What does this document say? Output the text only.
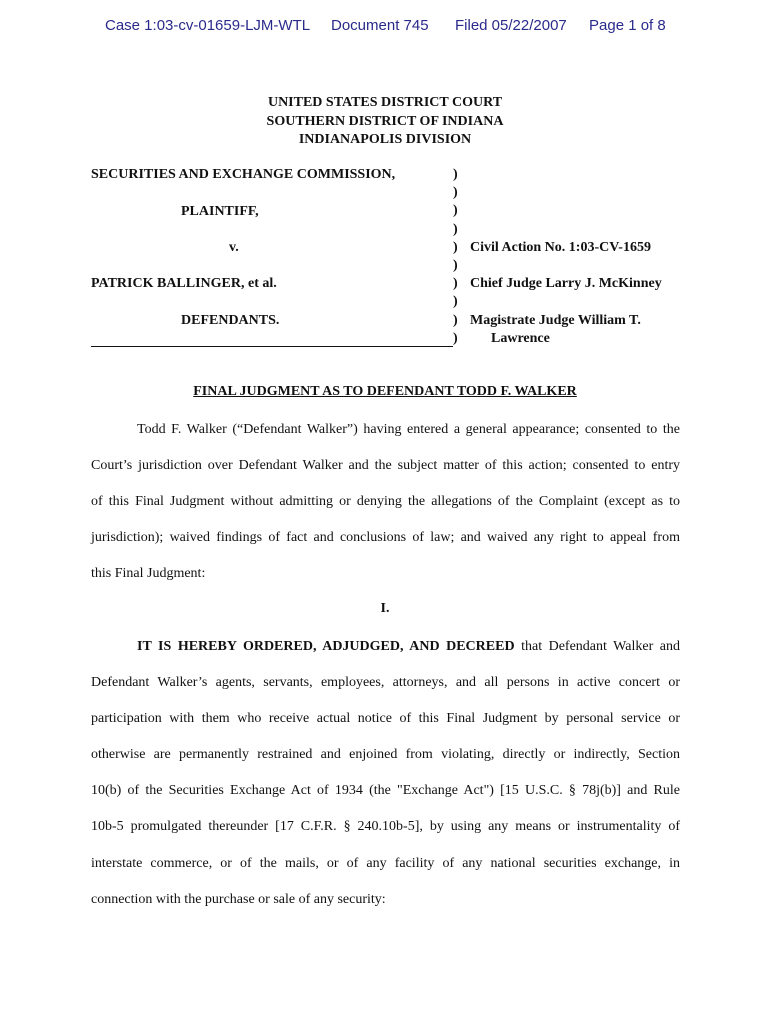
Case 1:03-cv-01659-LJM-WTL Document 745 Filed 05/22/2007 Page 1 of 8
UNITED STATES DISTRICT COURT
SOUTHERN DISTRICT OF INDIANA
INDIANAPOLIS DIVISION
SECURITIES AND EXCHANGE COMMISSION,
PLAINTIFF,
v.
PATRICK BALLINGER, et al.
DEFENDANTS.
)
)
)
)
)
)
)
)
)
)
Civil Action No. 1:03-CV-1659
Chief Judge Larry J. McKinney
Magistrate Judge William T.
Lawrence
FINAL JUDGMENT AS TO DEFENDANT TODD F. WALKER
Todd F. Walker (“Defendant Walker”) having entered a general appearance; consented to the
Court’s jurisdiction over Defendant Walker and the subject matter of this action; consented to entry
of this Final Judgment without admitting or denying the allegations of the Complaint (except as to
jurisdiction); waived findings of fact and conclusions of law; and waived any right to appeal from
this Final Judgment:
I.
IT IS HEREBY ORDERED, ADJUDGED, AND DECREED that Defendant Walker and
Defendant Walker’s agents, servants, employees, attorneys, and all persons in active concert or
participation with them who receive actual notice of this Final Judgment by personal service or
otherwise are permanently restrained and enjoined from violating, directly or indirectly, Section
10(b) of the Securities Exchange Act of 1934 (the "Exchange Act") [15 U.S.C. § 78j(b)] and Rule
10b-5 promulgated thereunder [17 C.F.R. § 240.10b-5], by using any means or instrumentality of
interstate commerce, or of the mails, or of any facility of any national securities exchange, in
connection with the purchase or sale of any security:
